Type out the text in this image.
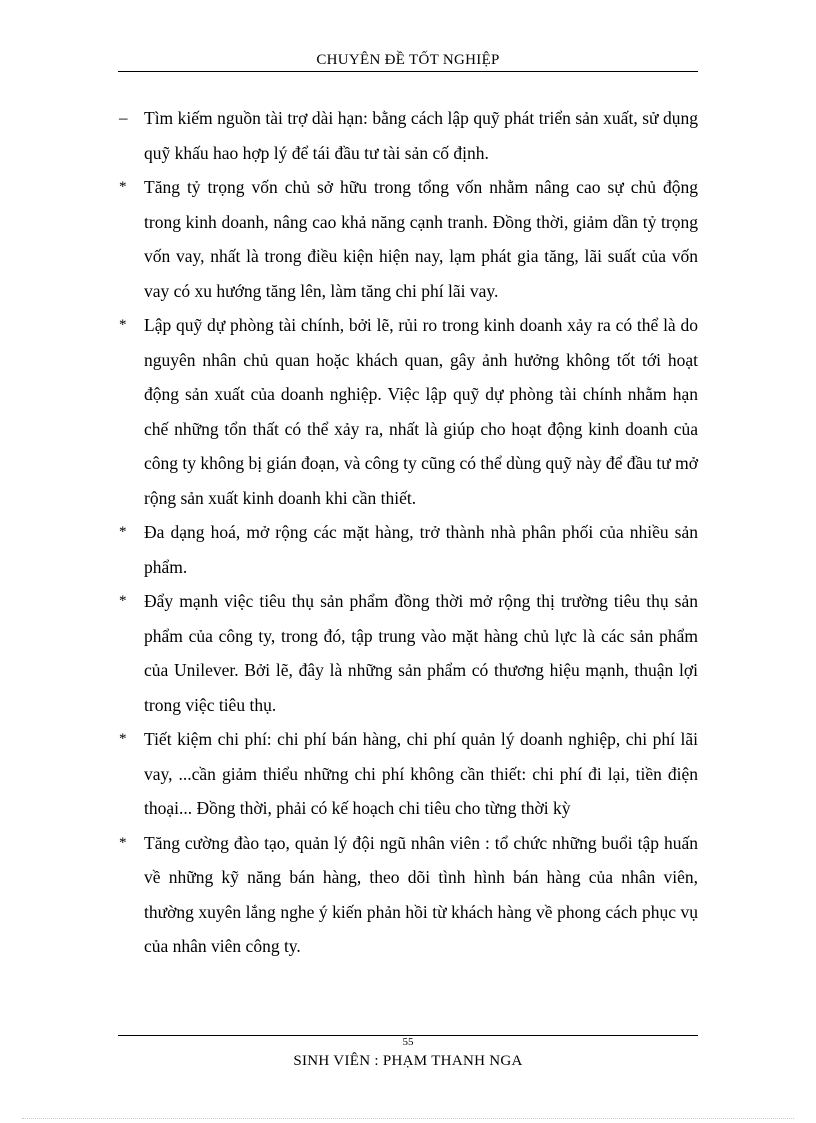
CHUYÊN ĐỀ TỐT NGHIỆP
– Tìm kiếm nguồn tài trợ dài hạn: bằng cách lập quỹ phát triển sản xuất, sử dụng quỹ khấu hao hợp lý để tái đầu tư tài sản cố định.
*	Tăng tỷ trọng vốn chủ sở hữu trong tổng vốn nhằm nâng cao sự chủ động trong kinh doanh, nâng cao khả năng cạnh tranh. Đồng thời, giảm dần tỷ trọng vốn vay, nhất là trong điều kiện hiện nay, lạm phát gia tăng, lãi suất của vốn vay có xu hướng tăng lên, làm tăng chi phí lãi vay.
*	Lập quỹ dự phòng tài chính, bởi lẽ, rủi ro trong kinh doanh xảy ra có thể là do nguyên nhân chủ quan hoặc khách quan, gây ảnh hưởng không tốt tới hoạt động sản xuất của doanh nghiệp. Việc lập quỹ dự phòng tài chính nhằm hạn chế những tổn thất có thể xảy ra, nhất là giúp cho hoạt động kinh doanh của công ty không bị gián đoạn, và công ty cũng có thể dùng quỹ này để đầu tư mở rộng sản xuất kinh doanh khi cần thiết.
*	Đa dạng hoá, mở rộng các mặt hàng, trở thành nhà phân phối của nhiều sản phẩm.
*	Đẩy mạnh việc tiêu thụ sản phẩm đồng thời mở rộng thị trường tiêu thụ sản phẩm của công ty, trong đó, tập trung vào mặt hàng chủ lực là các sản phẩm của Unilever. Bởi lẽ, đây là những sản phẩm có thương hiệu mạnh, thuận lợi trong việc tiêu thụ.
*	Tiết kiệm chi phí: chi phí bán hàng, chi phí quản lý doanh nghiệp, chi phí lãi vay, ...cần giảm thiểu những chi phí không cần thiết: chi phí đi lại, tiền điện thoại... Đồng thời, phải có kế hoạch chi tiêu cho từng thời kỳ
*	Tăng cường đào tạo, quản lý đội ngũ nhân viên : tổ chức những buổi tập huấn về những kỹ năng bán hàng, theo dõi tình hình bán hàng của nhân viên, thường xuyên lắng nghe ý kiến phản hồi từ khách hàng về phong cách phục vụ của nhân viên công ty.
55
SINH VIÊN : PHẠM THANH NGA
